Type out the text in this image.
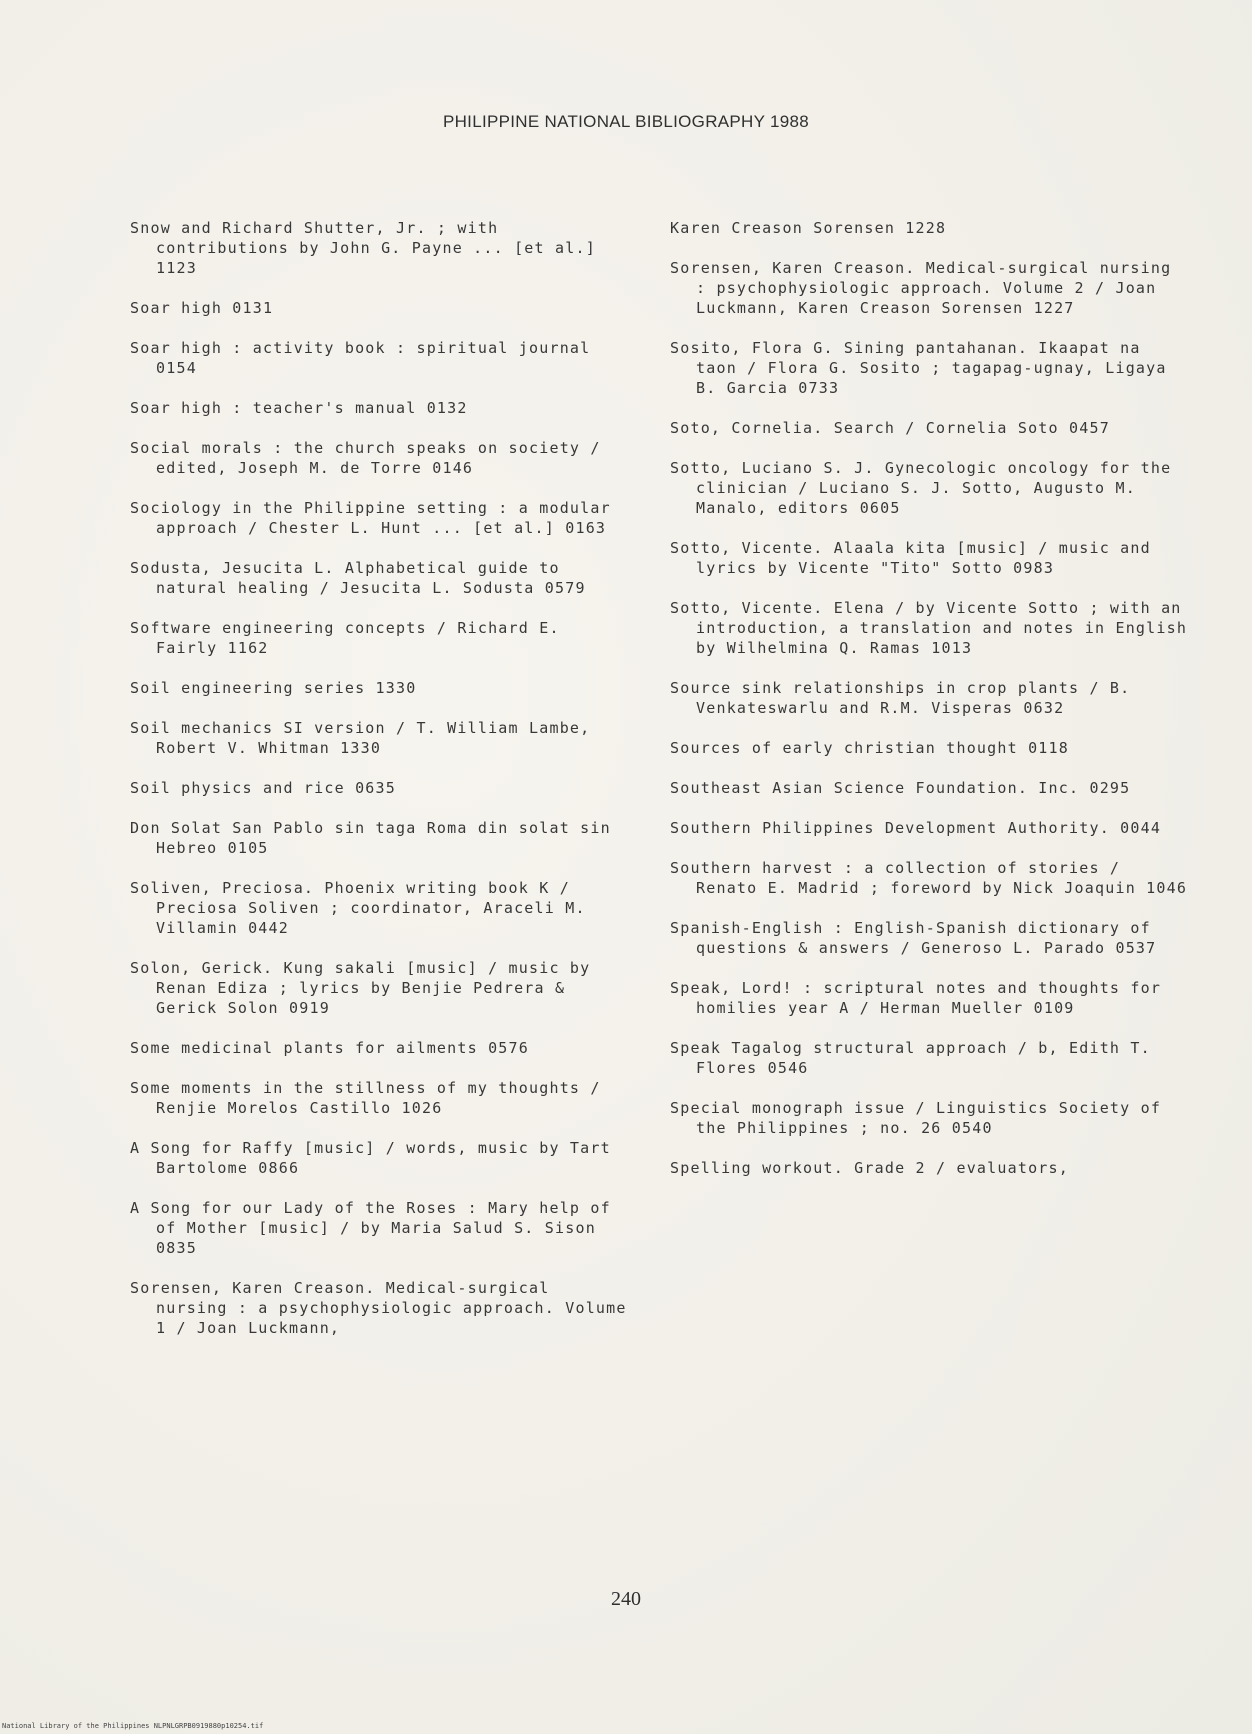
PHILIPPINE NATIONAL BIBLIOGRAPHY 1988

Snow and Richard Shutter, Jr. ; with contributions by John G. Payne ... [et al.] 1123

Soar high 0131

Soar high : activity book : spiritual journal 0154

Soar high : teacher's manual 0132

Social morals : the church speaks on society / edited, Joseph M. de Torre 0146

Sociology in the Philippine setting : a modular approach / Chester L. Hunt ... [et al.] 0163

Sodusta, Jesucita L. Alphabetical guide to natural healing / Jesucita L. Sodusta 0579

Software engineering concepts / Richard E. Fairly 1162

Soil engineering series 1330

Soil mechanics SI version / T. William Lambe, Robert V. Whitman 1330

Soil physics and rice 0635

Don Solat San Pablo sin taga Roma din solat sin Hebreo 0105

Soliven, Preciosa. Phoenix writing book K / Preciosa Soliven ; coordinator, Araceli M. Villamin 0442

Solon, Gerick. Kung sakali [music] / music by Renan Ediza ; lyrics by Benjie Pedrera & Gerick Solon 0919

Some medicinal plants for ailments 0576

Some moments in the stillness of my thoughts / Renjie Morelos Castillo 1026

A Song for Raffy [music] / words, music by Tart Bartolome 0866

A Song for our Lady of the Roses : Mary help of of Mother [music] / by Maria Salud S. Sison 0835

Sorensen, Karen Creason. Medical-surgical nursing : a psychophysiologic approach. Volume 1 / Joan Luckmann,

Karen Creason Sorensen 1228

Sorensen, Karen Creason. Medical-surgical nursing : psychophysiologic approach. Volume 2 / Joan Luckmann, Karen Creason Sorensen 1227

Sosito, Flora G. Sining pantahanan. Ikaapat na taon / Flora G. Sosito ; tagapag-ugnay, Ligaya B. Garcia 0733

Soto, Cornelia. Search / Cornelia Soto 0457

Sotto, Luciano S. J. Gynecologic oncology for the clinician / Luciano S. J. Sotto, Augusto M. Manalo, editors 0605

Sotto, Vicente. Alaala kita [music] / music and lyrics by Vicente "Tito" Sotto 0983

Sotto, Vicente. Elena / by Vicente Sotto ; with an introduction, a translation and notes in English by Wilhelmina Q. Ramas 1013

Source sink relationships in crop plants / B. Venkateswarlu and R.M. Visperas 0632

Sources of early christian thought 0118

Southeast Asian Science Foundation. Inc. 0295

Southern Philippines Development Authority. 0044

Southern harvest : a collection of stories / Renato E. Madrid ; foreword by Nick Joaquin 1046

Spanish-English : English-Spanish dictionary of questions & answers / Generoso L. Parado 0537

Speak, Lord! : scriptural notes and thoughts for homilies year A / Herman Mueller 0109

Speak Tagalog structural approach / b, Edith T. Flores 0546

Special monograph issue / Linguistics Society of the Philippines ; no. 26 0540

Spelling workout. Grade 2 / evaluators,

240
National Library of the Philippines NLPNLGRPB0919880p10254.tif
